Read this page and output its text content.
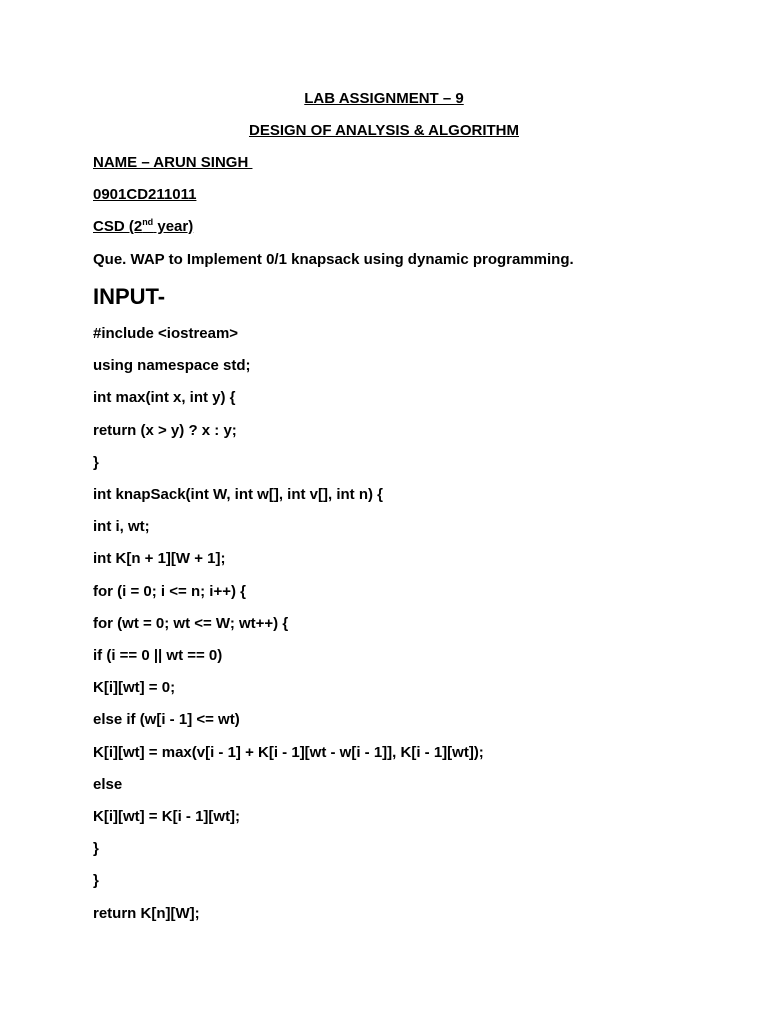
LAB ASSIGNMENT – 9
DESIGN OF ANALYSIS & ALGORITHM
NAME – ARUN SINGH
0901CD211011
CSD (2nd year)
Que. WAP to Implement 0/1 knapsack using dynamic programming.
INPUT-
#include <iostream>
using namespace std;
int max(int x, int y) {
return (x > y) ? x : y;
}
int knapSack(int W, int w[], int v[], int n) {
int i, wt;
int K[n + 1][W + 1];
for (i = 0; i <= n; i++) {
for (wt = 0; wt <= W; wt++) {
if (i == 0 || wt == 0)
K[i][wt] = 0;
else if (w[i - 1] <= wt)
K[i][wt] = max(v[i - 1] + K[i - 1][wt - w[i - 1]], K[i - 1][wt]);
else
K[i][wt] = K[i - 1][wt];
}
}
return K[n][W];
